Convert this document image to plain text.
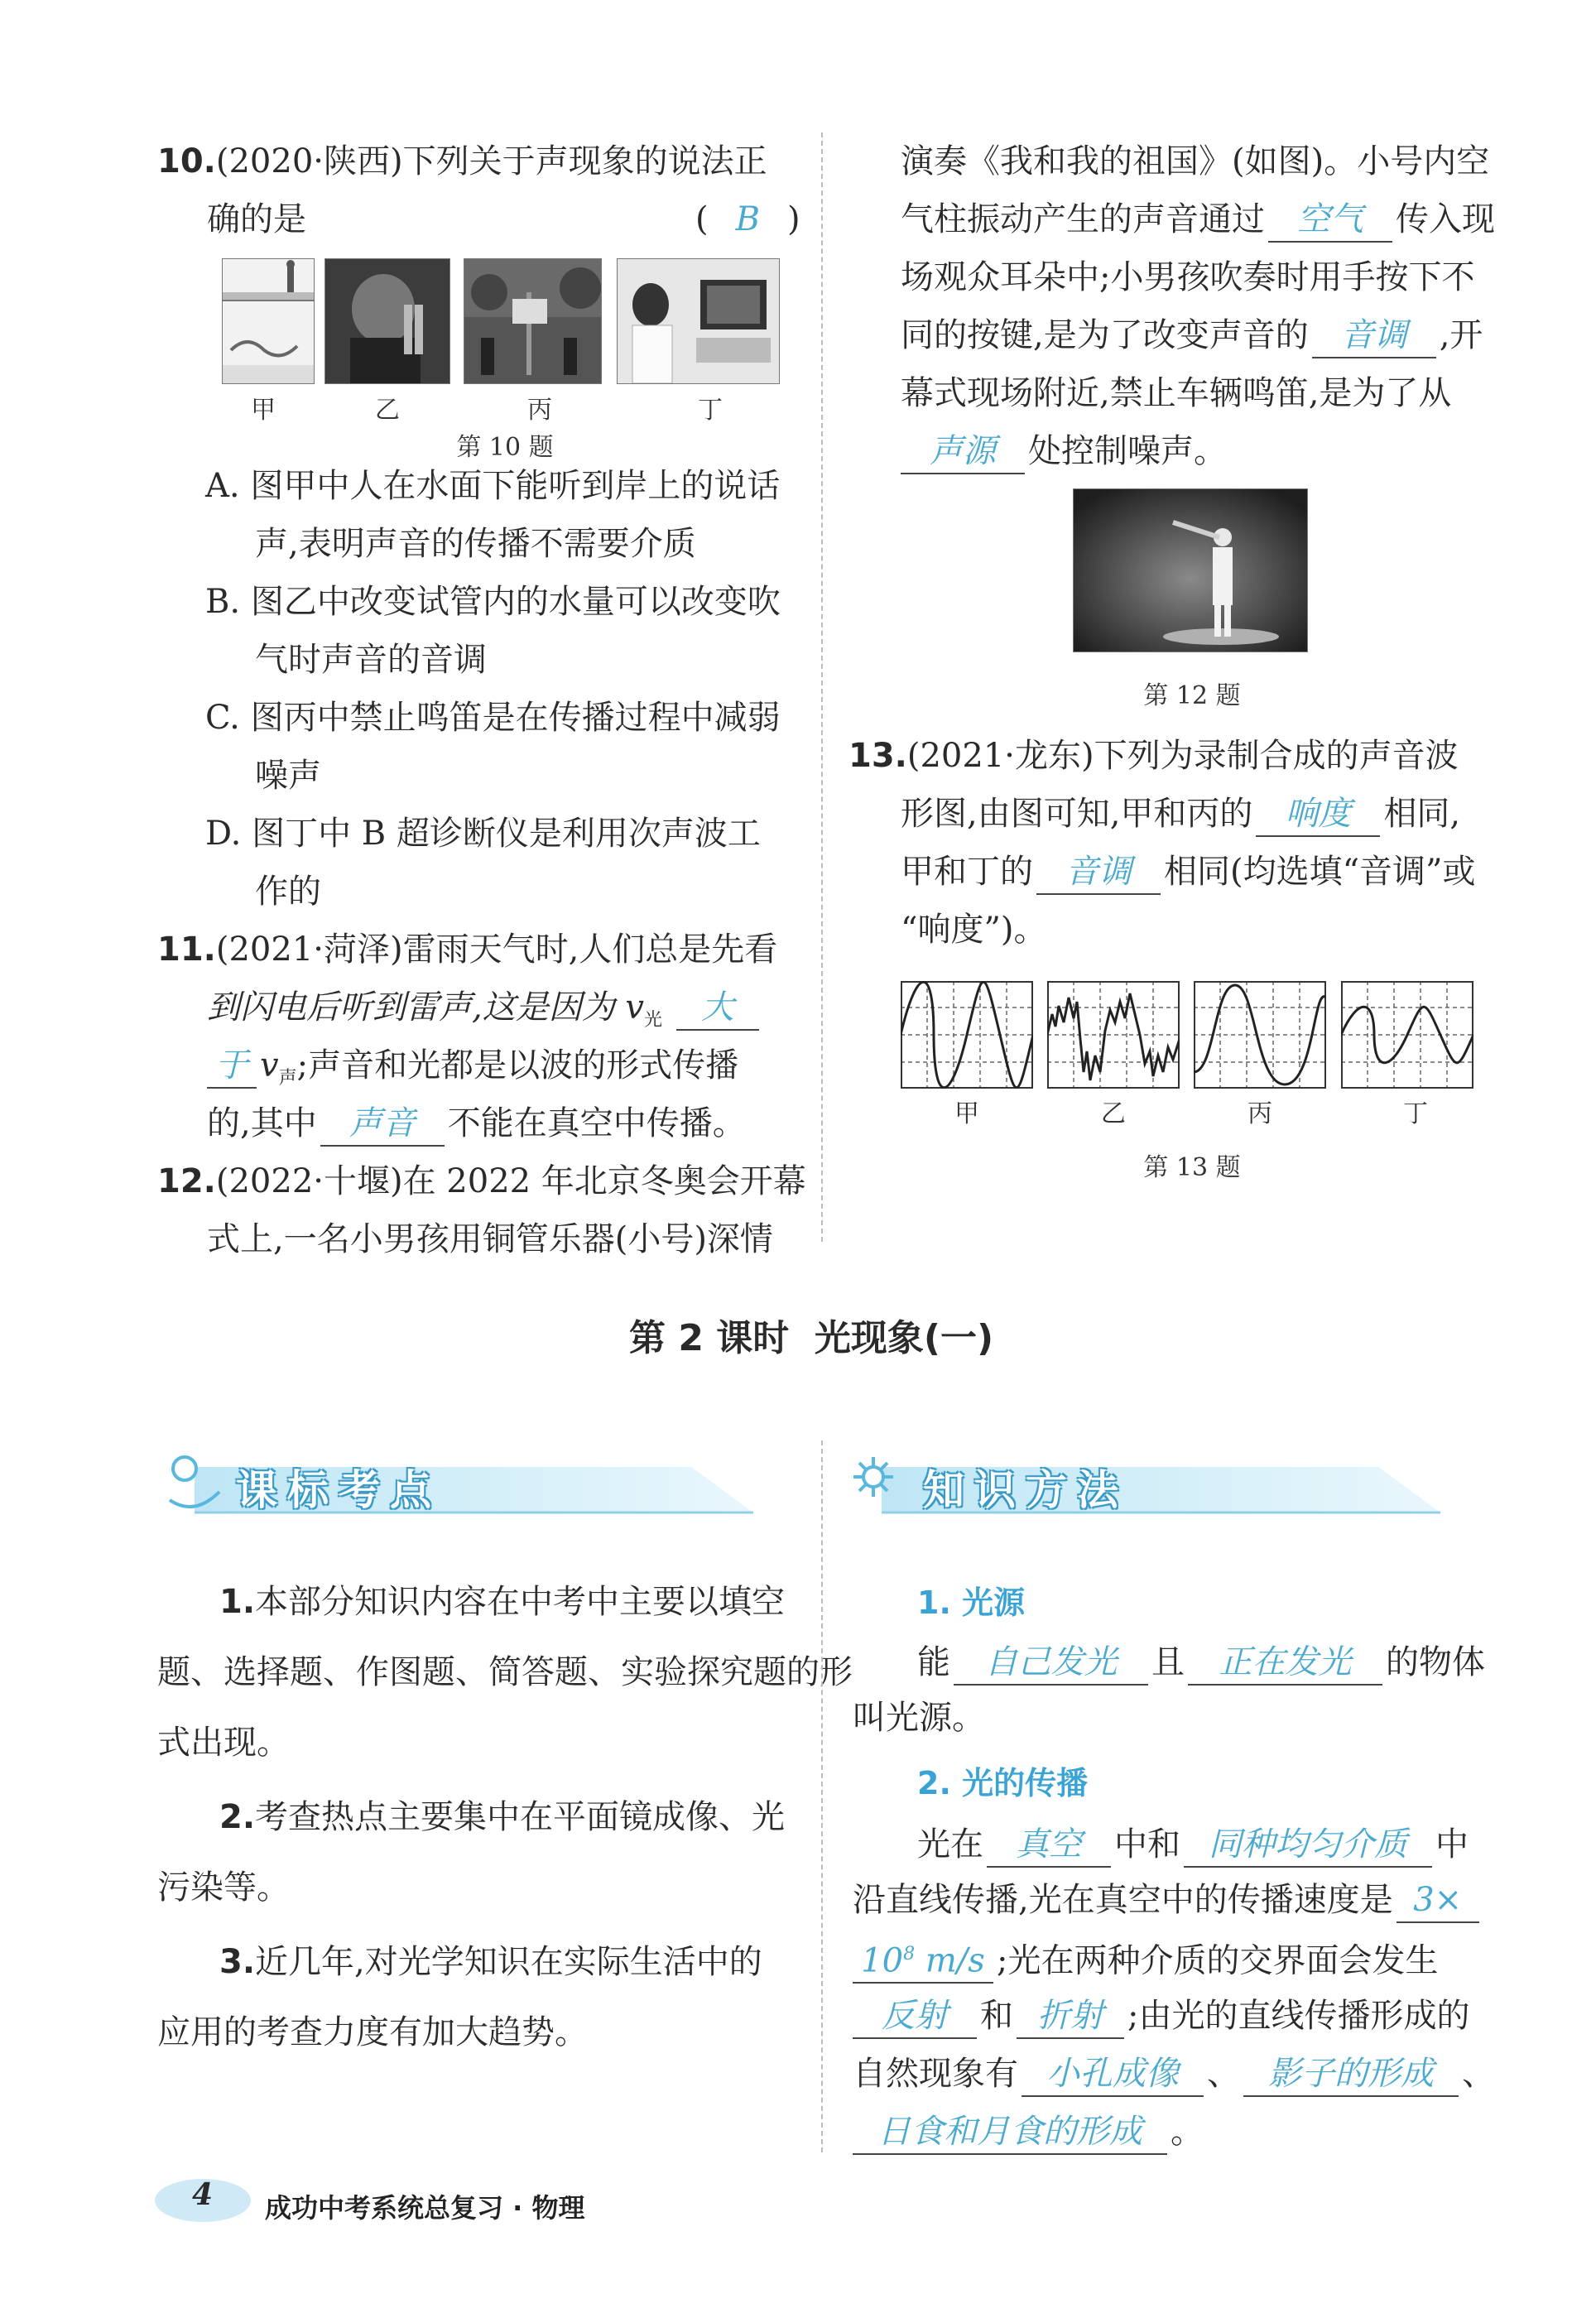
10.(2020·陕西)下列关于声现象的说法正
确的是	( B )
甲	乙	丙	丁
第 10 题
A. 图甲中人在水面下能听到岸上的说话
声,表明声音的传播不需要介质
B. 图乙中改变试管内的水量可以改变吹
气时声音的音调
C. 图丙中禁止鸣笛是在传播过程中减弱
噪声
D. 图丁中 B 超诊断仪是利用次声波工
作的
11.(2021·菏泽)雷雨天气时,人们总是先看
到闪电后听到雷声,这是因为 $v_光$ 大
于 $v_声$;声音和光都是以波的形式传播
的,其中 声音 不能在真空中传播。
12.(2022·十堰)在 2022 年北京冬奥会开幕
式上,一名小男孩用铜管乐器(小号)深情
演奏《我和我的祖国》(如图)。小号内空
气柱振动产生的声音通过 空气 传入现
场观众耳朵中;小男孩吹奏时用手按下不
同的按键,是为了改变声音的 音调 ,开
幕式现场附近,禁止车辆鸣笛,是为了从
声源 处控制噪声。
第 12 题
13.(2021·龙东)下列为录制合成的声音波
形图,由图可知,甲和丙的 响度 相同,
甲和丁的 音调 相同(均选填“音调”或
“响度”)。
甲	乙	丙	丁
第 13 题
第 2 课时  光现象(一)
课标考点
1.本部分知识内容在中考中主要以填空
题、选择题、作图题、简答题、实验探究题的形
式出现。
2.考查热点主要集中在平面镜成像、光
污染等。
3.近几年,对光学知识在实际生活中的
应用的考查力度有加大趋势。
知识方法
1. 光源
能 自己发光 且 正在发光 的物体
叫光源。
2. 光的传播
光在 真空 中和 同种均匀介质 中
沿直线传播,光在真空中的传播速度是 3×
$10^8$ m/s ;光在两种介质的交界面会发生
反射 和 折射 ;由光的直线传播形成的
自然现象有 小孔成像 、 影子的形成 、
日食和月食的形成 。
4 成功中考系统总复习 · 物理
